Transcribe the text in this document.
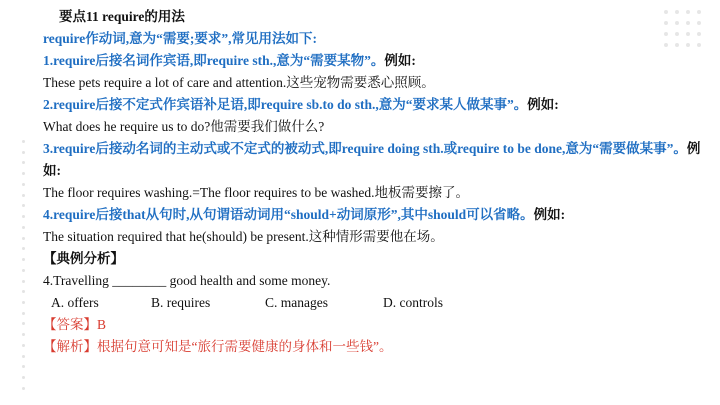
要点11 require的用法
require作动词,意为“需要;要求”,常见用法如下:
1.require后接名词作宾语,即require sth.,意为“需要某物”。例如:
These pets require a lot of care and attention.这些宠物需要悉心照顾。
2.require后接不定式作宾语补足语,即require sb.to do sth.,意为“要求某人做某事”。例如:
What does he require us to do?他需要我们做什么?
3.require后接动名词的主动式或不定式的被动式,即require doing sth.或require to be done,意为“需要做某事”。例如:
The floor requires washing.=The floor requires to be washed.地板需要擦了。
4.require后接that从句时,从句谓语动词用“should+动词原形”,其中should可以省略。例如:
The situation required that he(should) be present.这种情形需要他在场。
【典例分析】
4.Travelling ________ good health and some money.
A. offers	B. requires	C. manages	D. controls
【答案】B
【解析】根据句意可知是“旅行需要健康的身体和一些钱”。
